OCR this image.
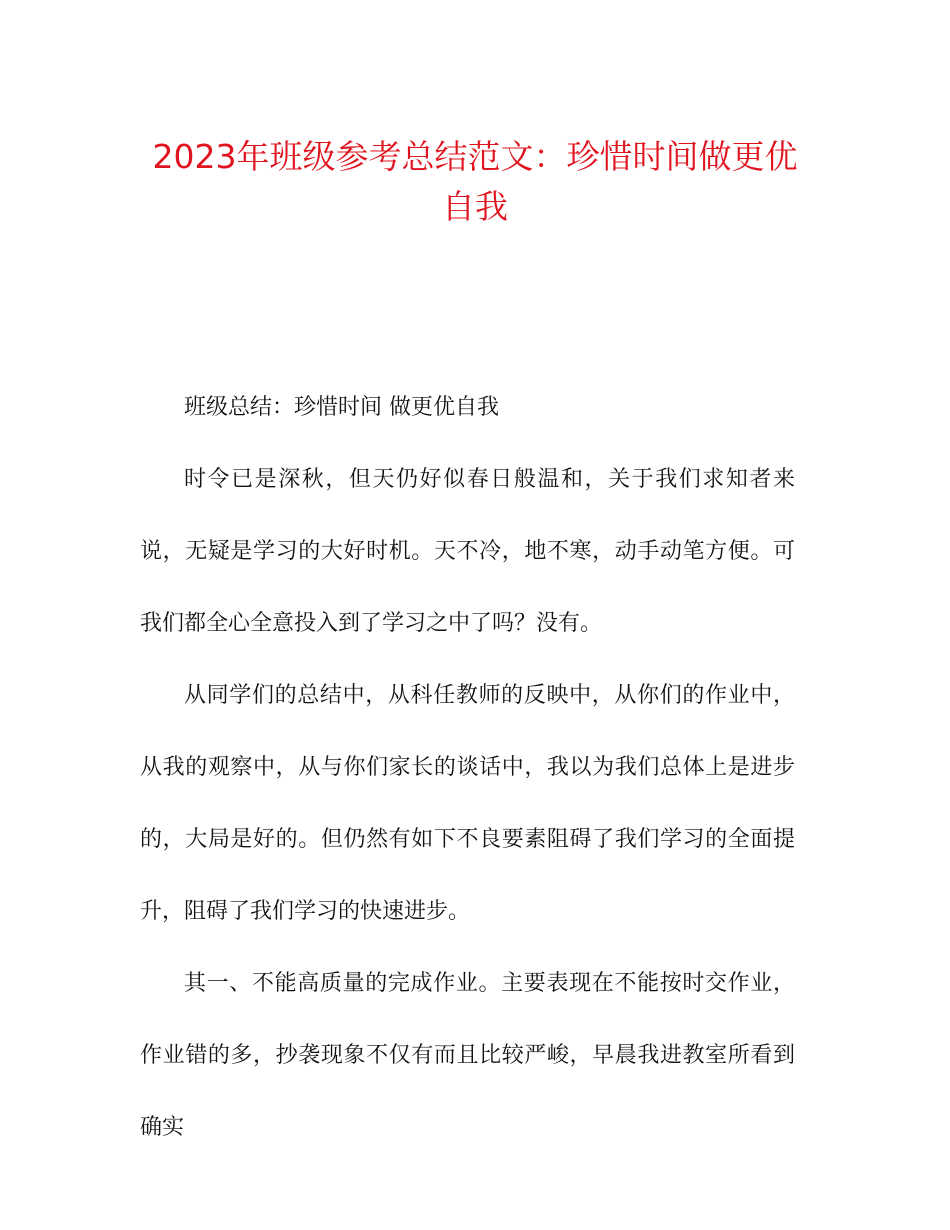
2023年班级参考总结范文：珍惜时间做更优自我

班级总结：珍惜时间 做更优自我

时令已是深秋，但天仍好似春日般温和，关于我们求知者来说，无疑是学习的大好时机。天不冷，地不寒，动手动笔方便。可我们都全心全意投入到了学习之中了吗？没有。

从同学们的总结中，从科任教师的反映中，从你们的作业中，从我的观察中，从与你们家长的谈话中，我以为我们总体上是进步的，大局是好的。但仍然有如下不良要素阻碍了我们学习的全面提升，阻碍了我们学习的快速进步。

其一、不能高质量的完成作业。主要表现在不能按时交作业，作业错的多，抄袭现象不仅有而且比较严峻，早晨我进教室所看到确实
